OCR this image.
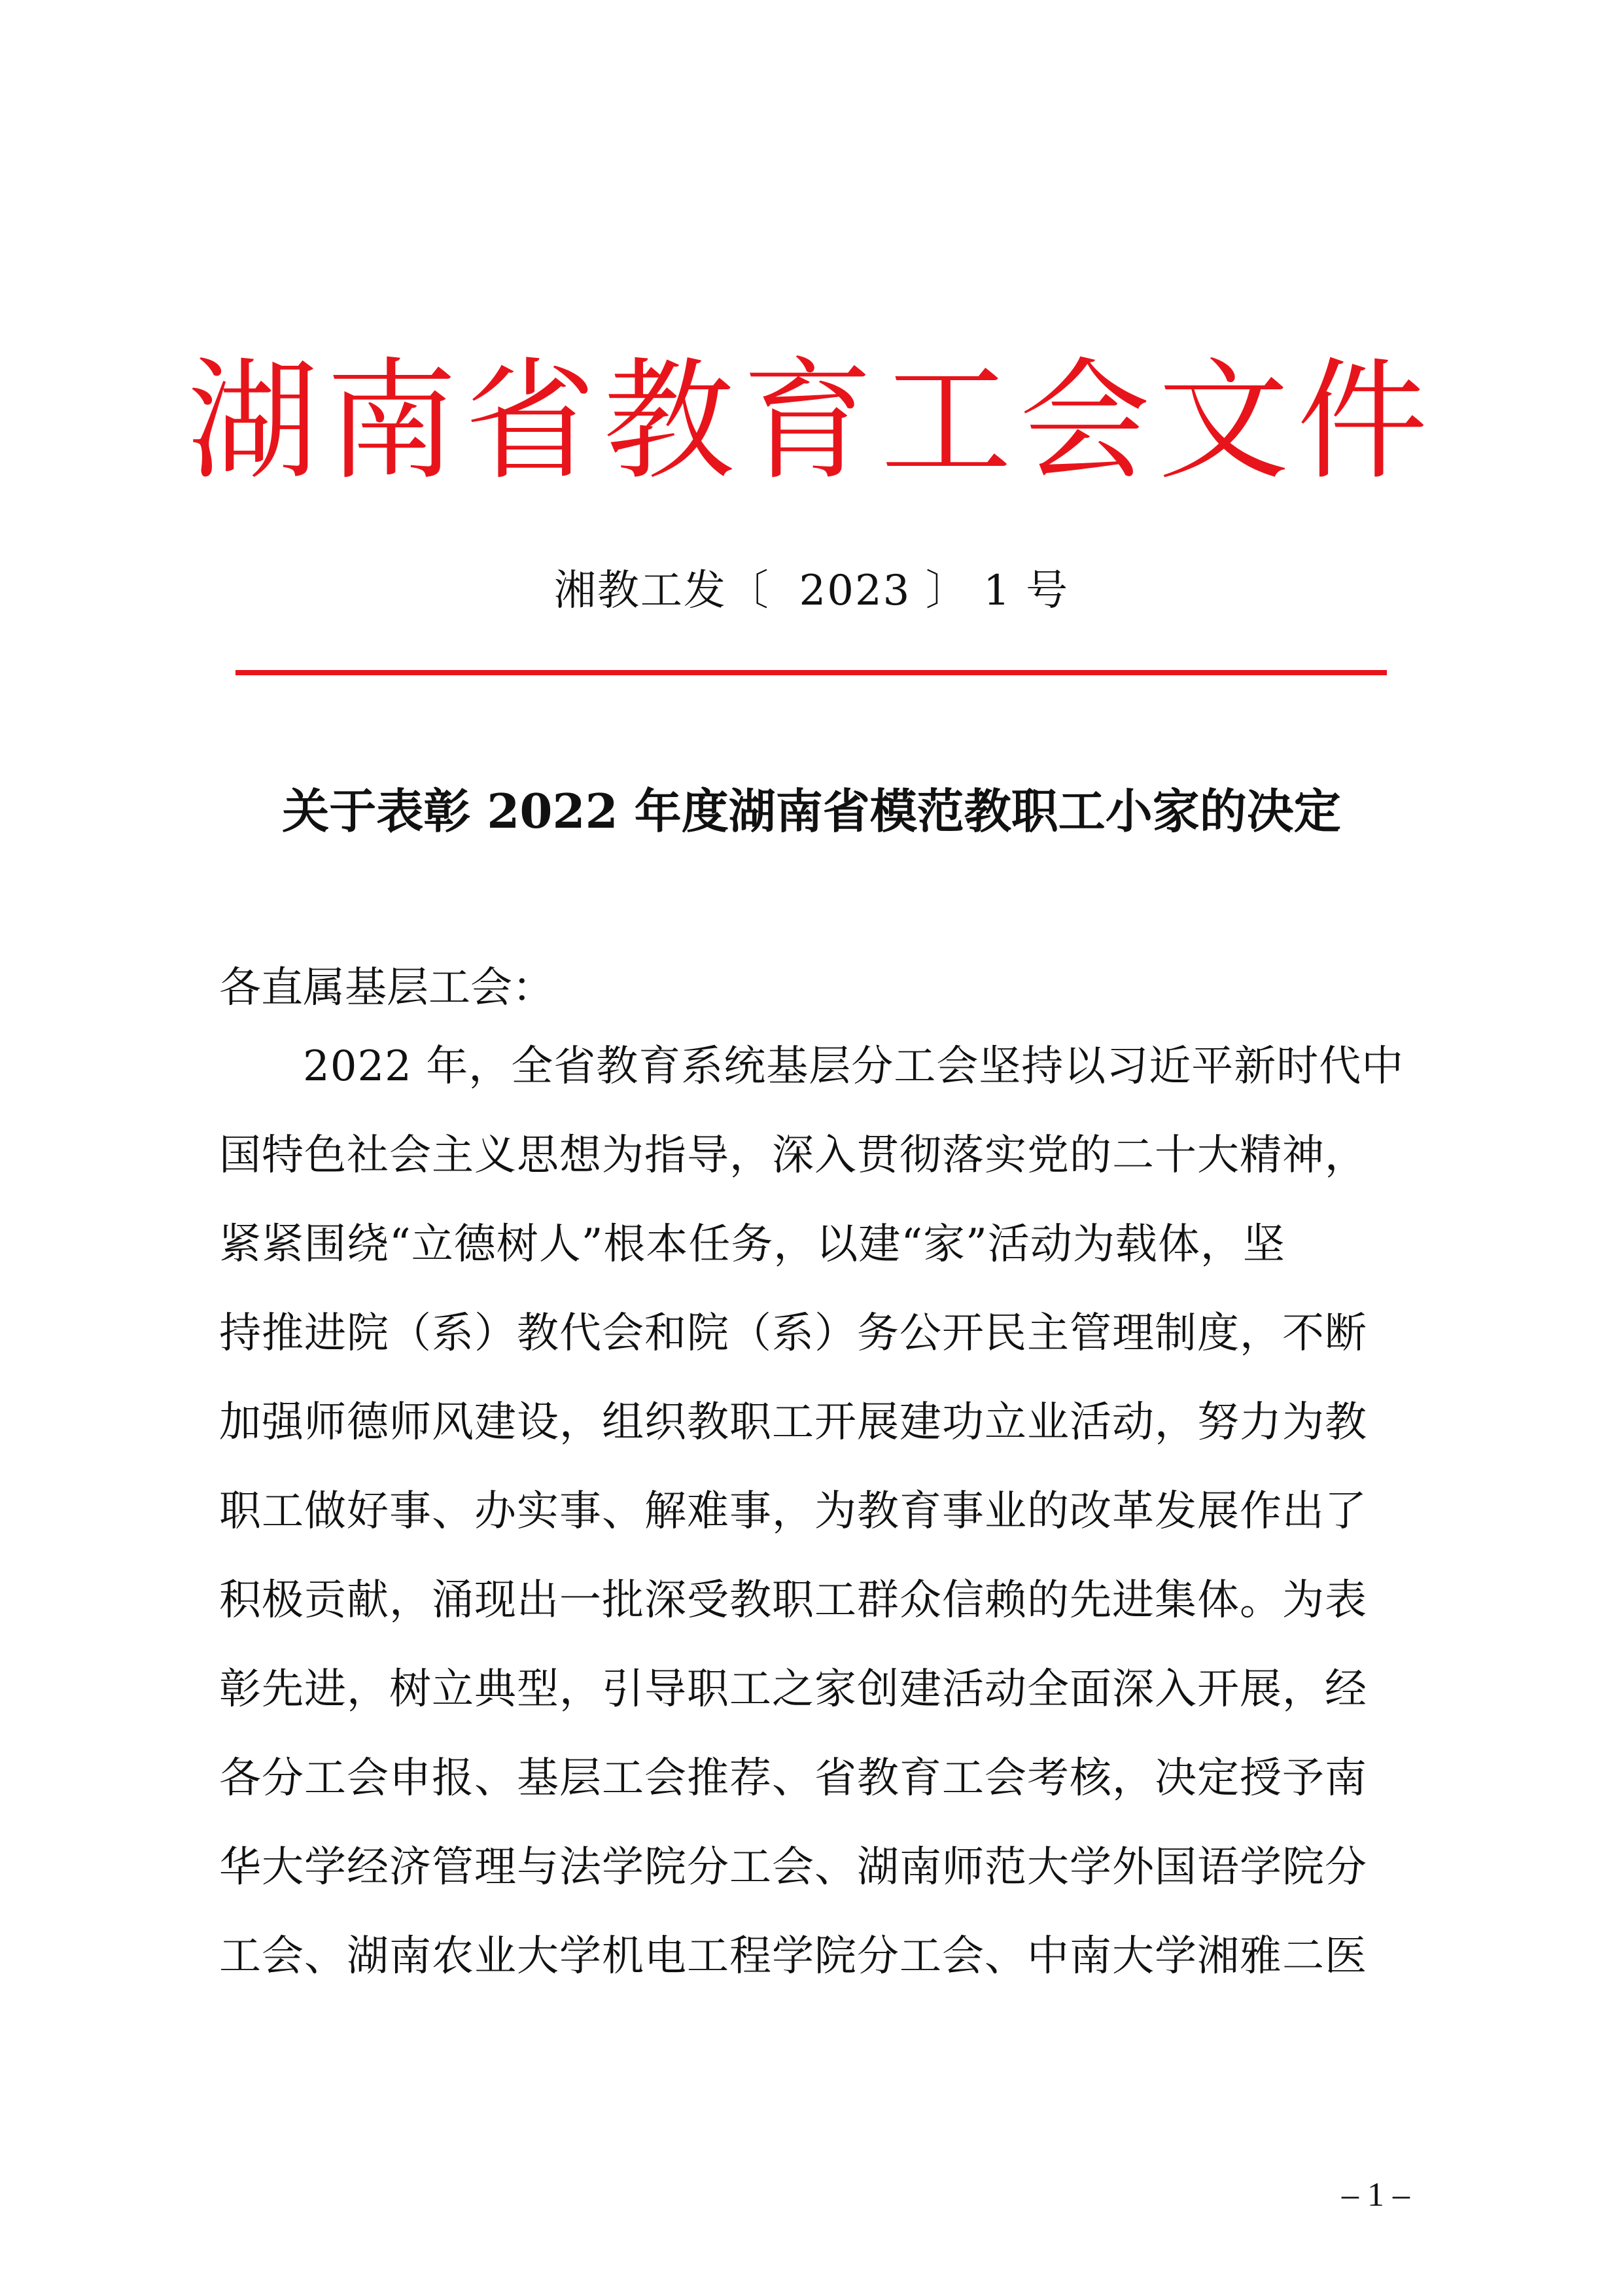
湖南省教育工会文件
湘教工发〔  2023 〕 1 号
关于表彰 2022 年度湖南省模范教职工小家的决定
各直属基层工会：
2022 年，全省教育系统基层分工会坚持以习近平新时代中
国特色社会主义思想为指导，深入贯彻落实党的二十大精神，
紧紧围绕“立德树人”根本任务，以建“家”活动为载体，坚
持推进院（系）教代会和院（系）务公开民主管理制度，不断
加强师德师风建设，组织教职工开展建功立业活动，努力为教
职工做好事、办实事、解难事，为教育事业的改革发展作出了
积极贡献，涌现出一批深受教职工群众信赖的先进集体。为表
彰先进，树立典型，引导职工之家创建活动全面深入开展，经
各分工会申报、基层工会推荐、省教育工会考核，决定授予南
华大学经济管理与法学院分工会、湖南师范大学外国语学院分
工会、湖南农业大学机电工程学院分工会、中南大学湘雅二医
– 1 –
